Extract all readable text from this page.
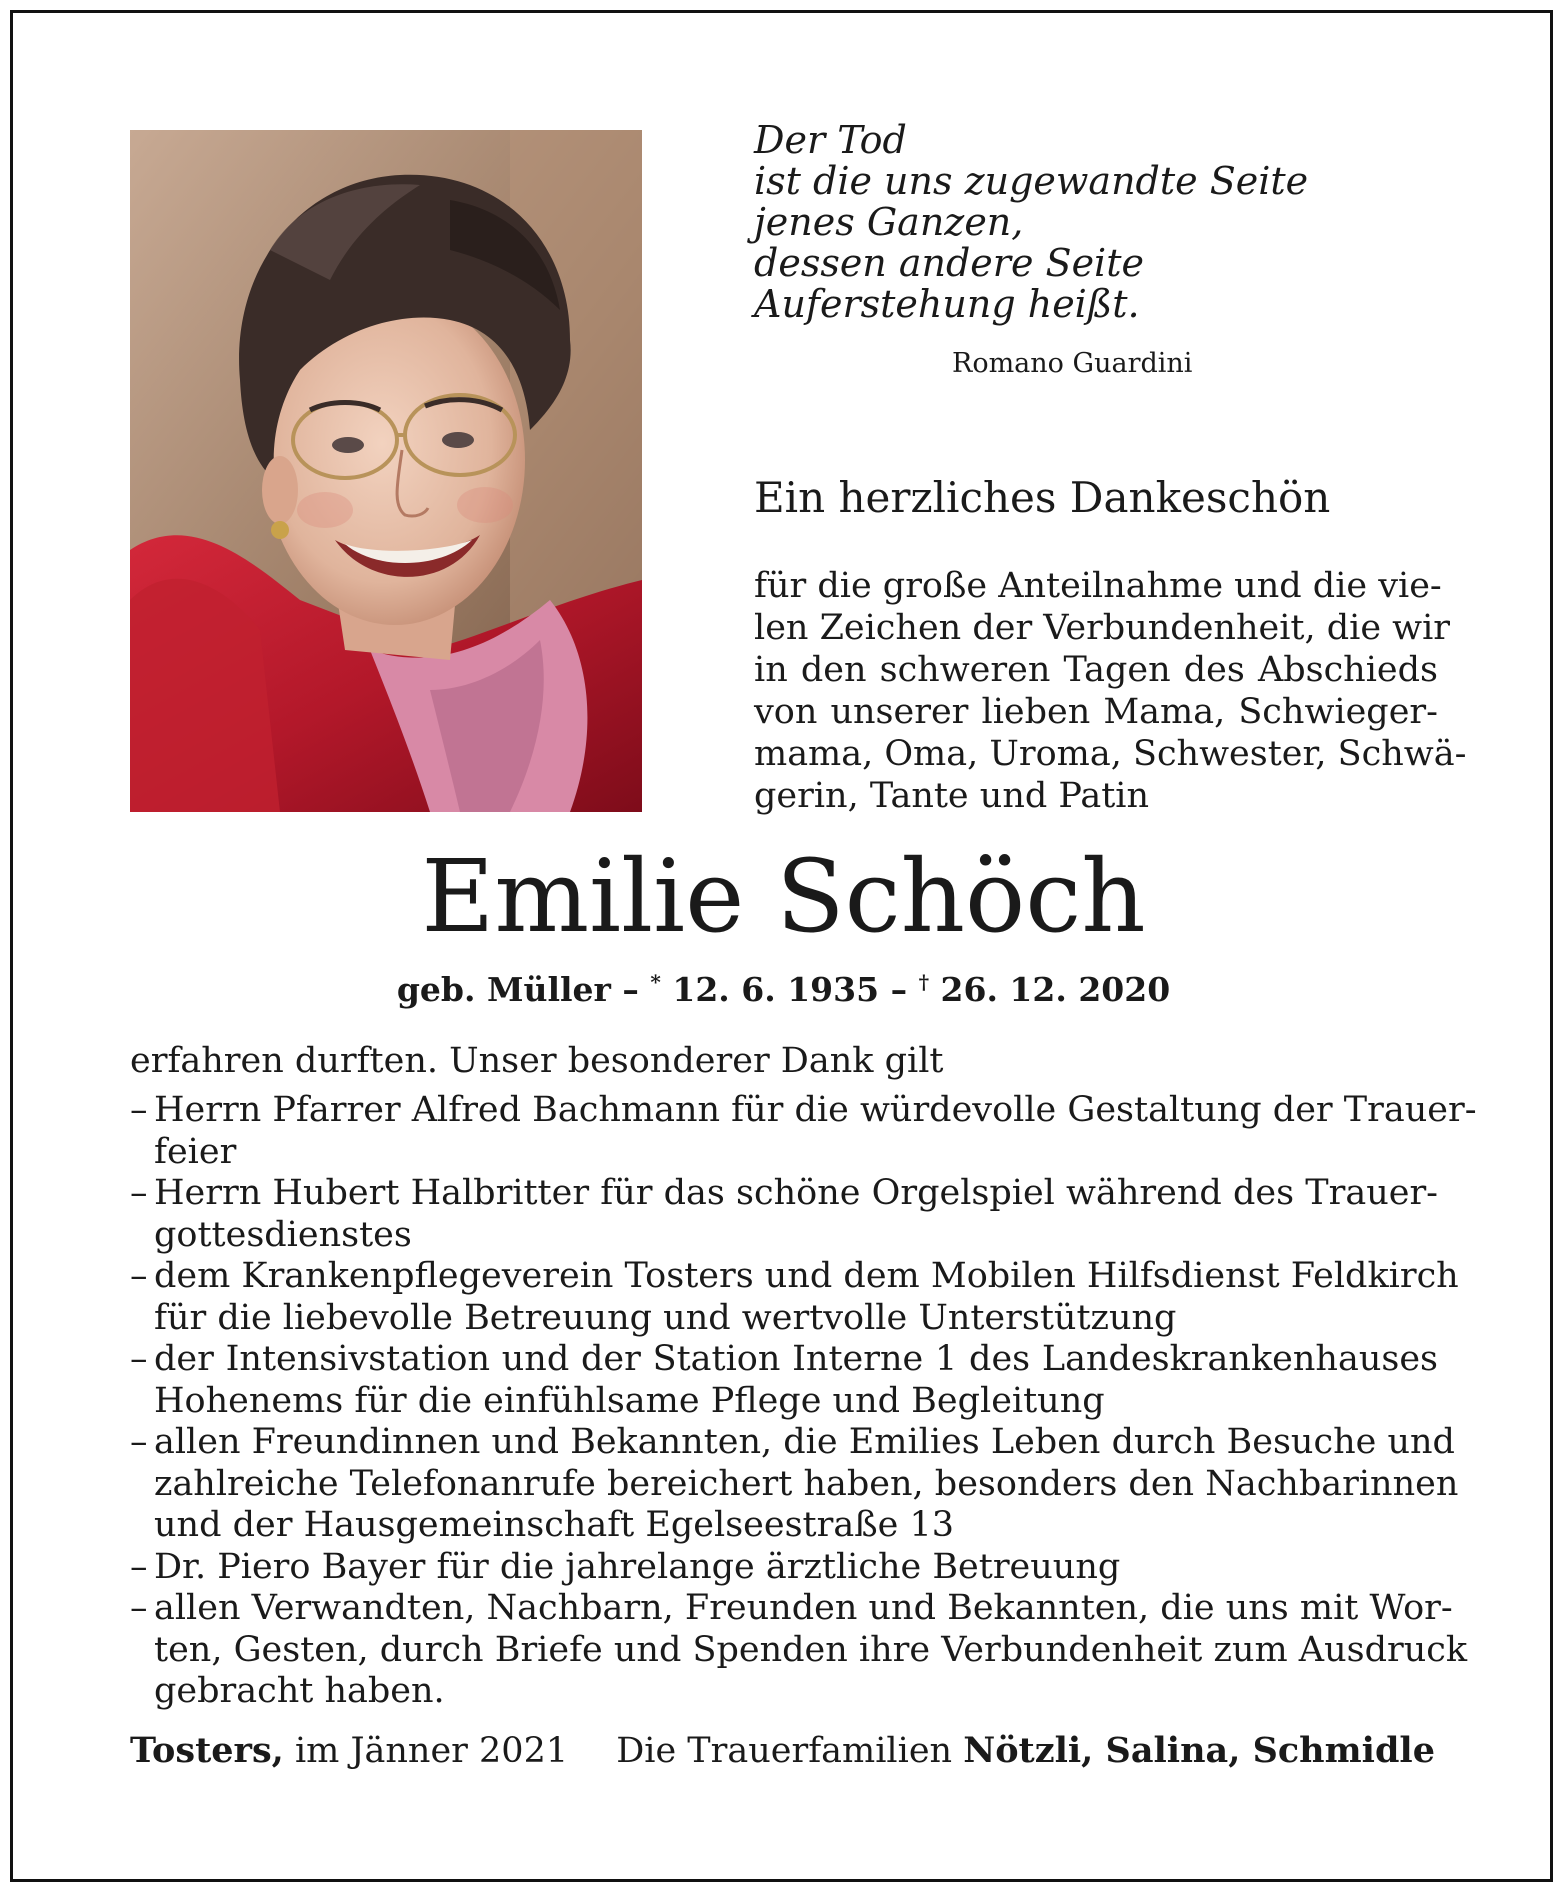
Der Tod

ist die uns zugewandte Seite

jenes Ganzen,

dessen andere Seite

Auferstehung heißt.

Romano Guardini
Ein herzliches Dankeschön
für die große Anteilnahme und die vie-
len Zeichen der Verbundenheit, die wir
in den schweren Tagen des Abschieds
von unserer lieben Mama, Schwieger-
mama, Oma, Uroma, Schwester, Schwä-
gerin, Tante und Patin
Emilie Schöch
geb. Müller – * 12. 6. 1935 – † 26. 12. 2020
erfahren durften. Unser besonderer Dank gilt
– Herrn Pfarrer Alfred Bachmann für die würdevolle Gestaltung der Trauer-
feier
– Herrn Hubert Halbritter für das schöne Orgelspiel während des Trauer-
gottesdienstes
– dem Krankenpflegeverein Tosters und dem Mobilen Hilfsdienst Feldkirch
für die liebevolle Betreuung und wertvolle Unterstützung
– der Intensivstation und der Station Interne 1 des Landeskrankenhauses
Hohenems für die einfühlsame Pflege und Begleitung
– allen Freundinnen und Bekannten, die Emilies Leben durch Besuche und
zahlreiche Telefonanrufe bereichert haben, besonders den Nachbarinnen
und der Hausgemeinschaft Egelseestraße 13
– Dr. Piero Bayer für die jahrelange ärztliche Betreuung
– allen Verwandten, Nachbarn, Freunden und Bekannten, die uns mit Wor-
ten, Gesten, durch Briefe und Spenden ihre Verbundenheit zum Ausdruck
gebracht haben.
Tosters, im Jänner 2021 Die Trauerfamilien Nötzli, Salina, Schmidle
